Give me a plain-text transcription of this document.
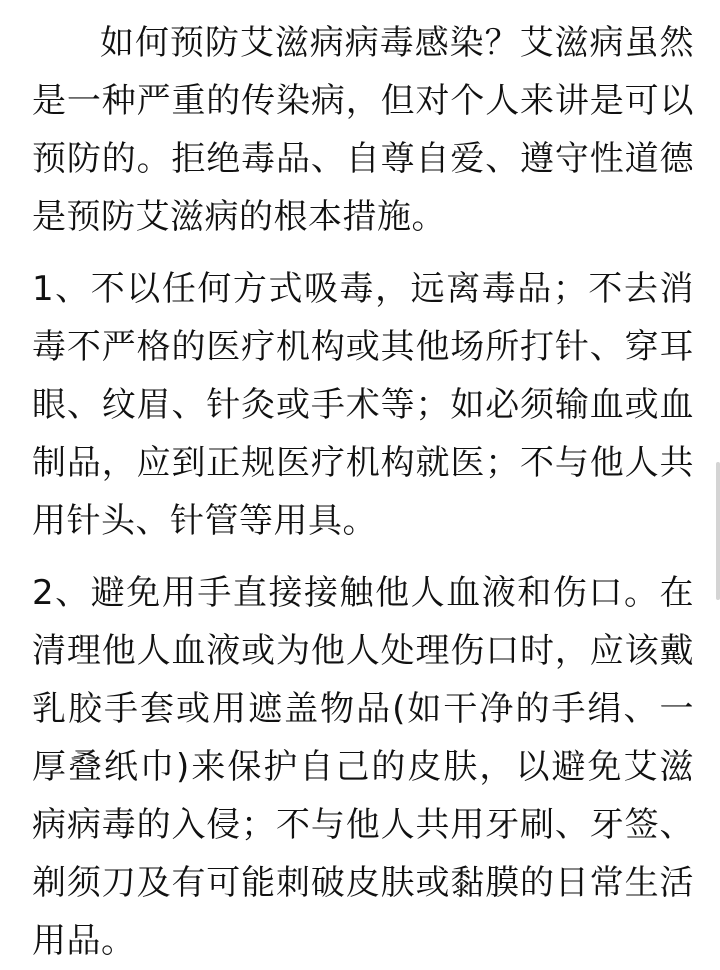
如何预防艾滋病病毒感染？艾滋病虽然是一种严重的传染病，但对个人来讲是可以预防的。拒绝毒品、自尊自爱、遵守性道德是预防艾滋病的根本措施。

1、不以任何方式吸毒，远离毒品；不去消毒不严格的医疗机构或其他场所打针、穿耳眼、纹眉、针灸或手术等；如必须输血或血制品，应到正规医疗机构就医；不与他人共用针头、针管等用具。

2、避免用手直接接触他人血液和伤口。在清理他人血液或为他人处理伤口时，应该戴乳胶手套或用遮盖物品(如干净的手绢、一厚叠纸巾)来保护自己的皮肤，以避免艾滋病病毒的入侵；不与他人共用牙刷、牙签、剃须刀及有可能刺破皮肤或黏膜的日常生活用品。
